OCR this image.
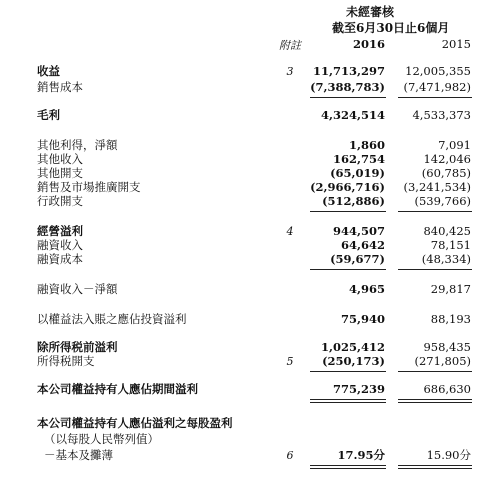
未經審核
截至6月30日止6個月
附註	2016	2015
收益	3	11,713,297 12,005,355
銷售成本	(7,388,783) (7,471,982)
毛利	4,324,514 4,533,373
其他利得，淨額	1,860	7,091
其他收入	162,754	142,046
其他開支	(65,019)	(60,785)
銷售及市場推廣開支	(2,966,716) (3,241,534)
行政開支	(512,886)	(539,766)
經營溢利	4	944,507	840,425
融資收入	64,642	78,151
融資成本	(59,677)	(48,334)
融資收入－淨額	4,965	29,817
以權益法入賬之應佔投資溢利	75,940	88,193
除所得税前溢利	1,025,412	958,435
所得税開支	5	(250,173)	(271,805)
本公司權益持有人應佔期間溢利	775,239	686,630
本公司權益持有人應佔溢利之每股盈利
（以每股人民幣列值）
－基本及攤薄	6	17.95分	15.90分
